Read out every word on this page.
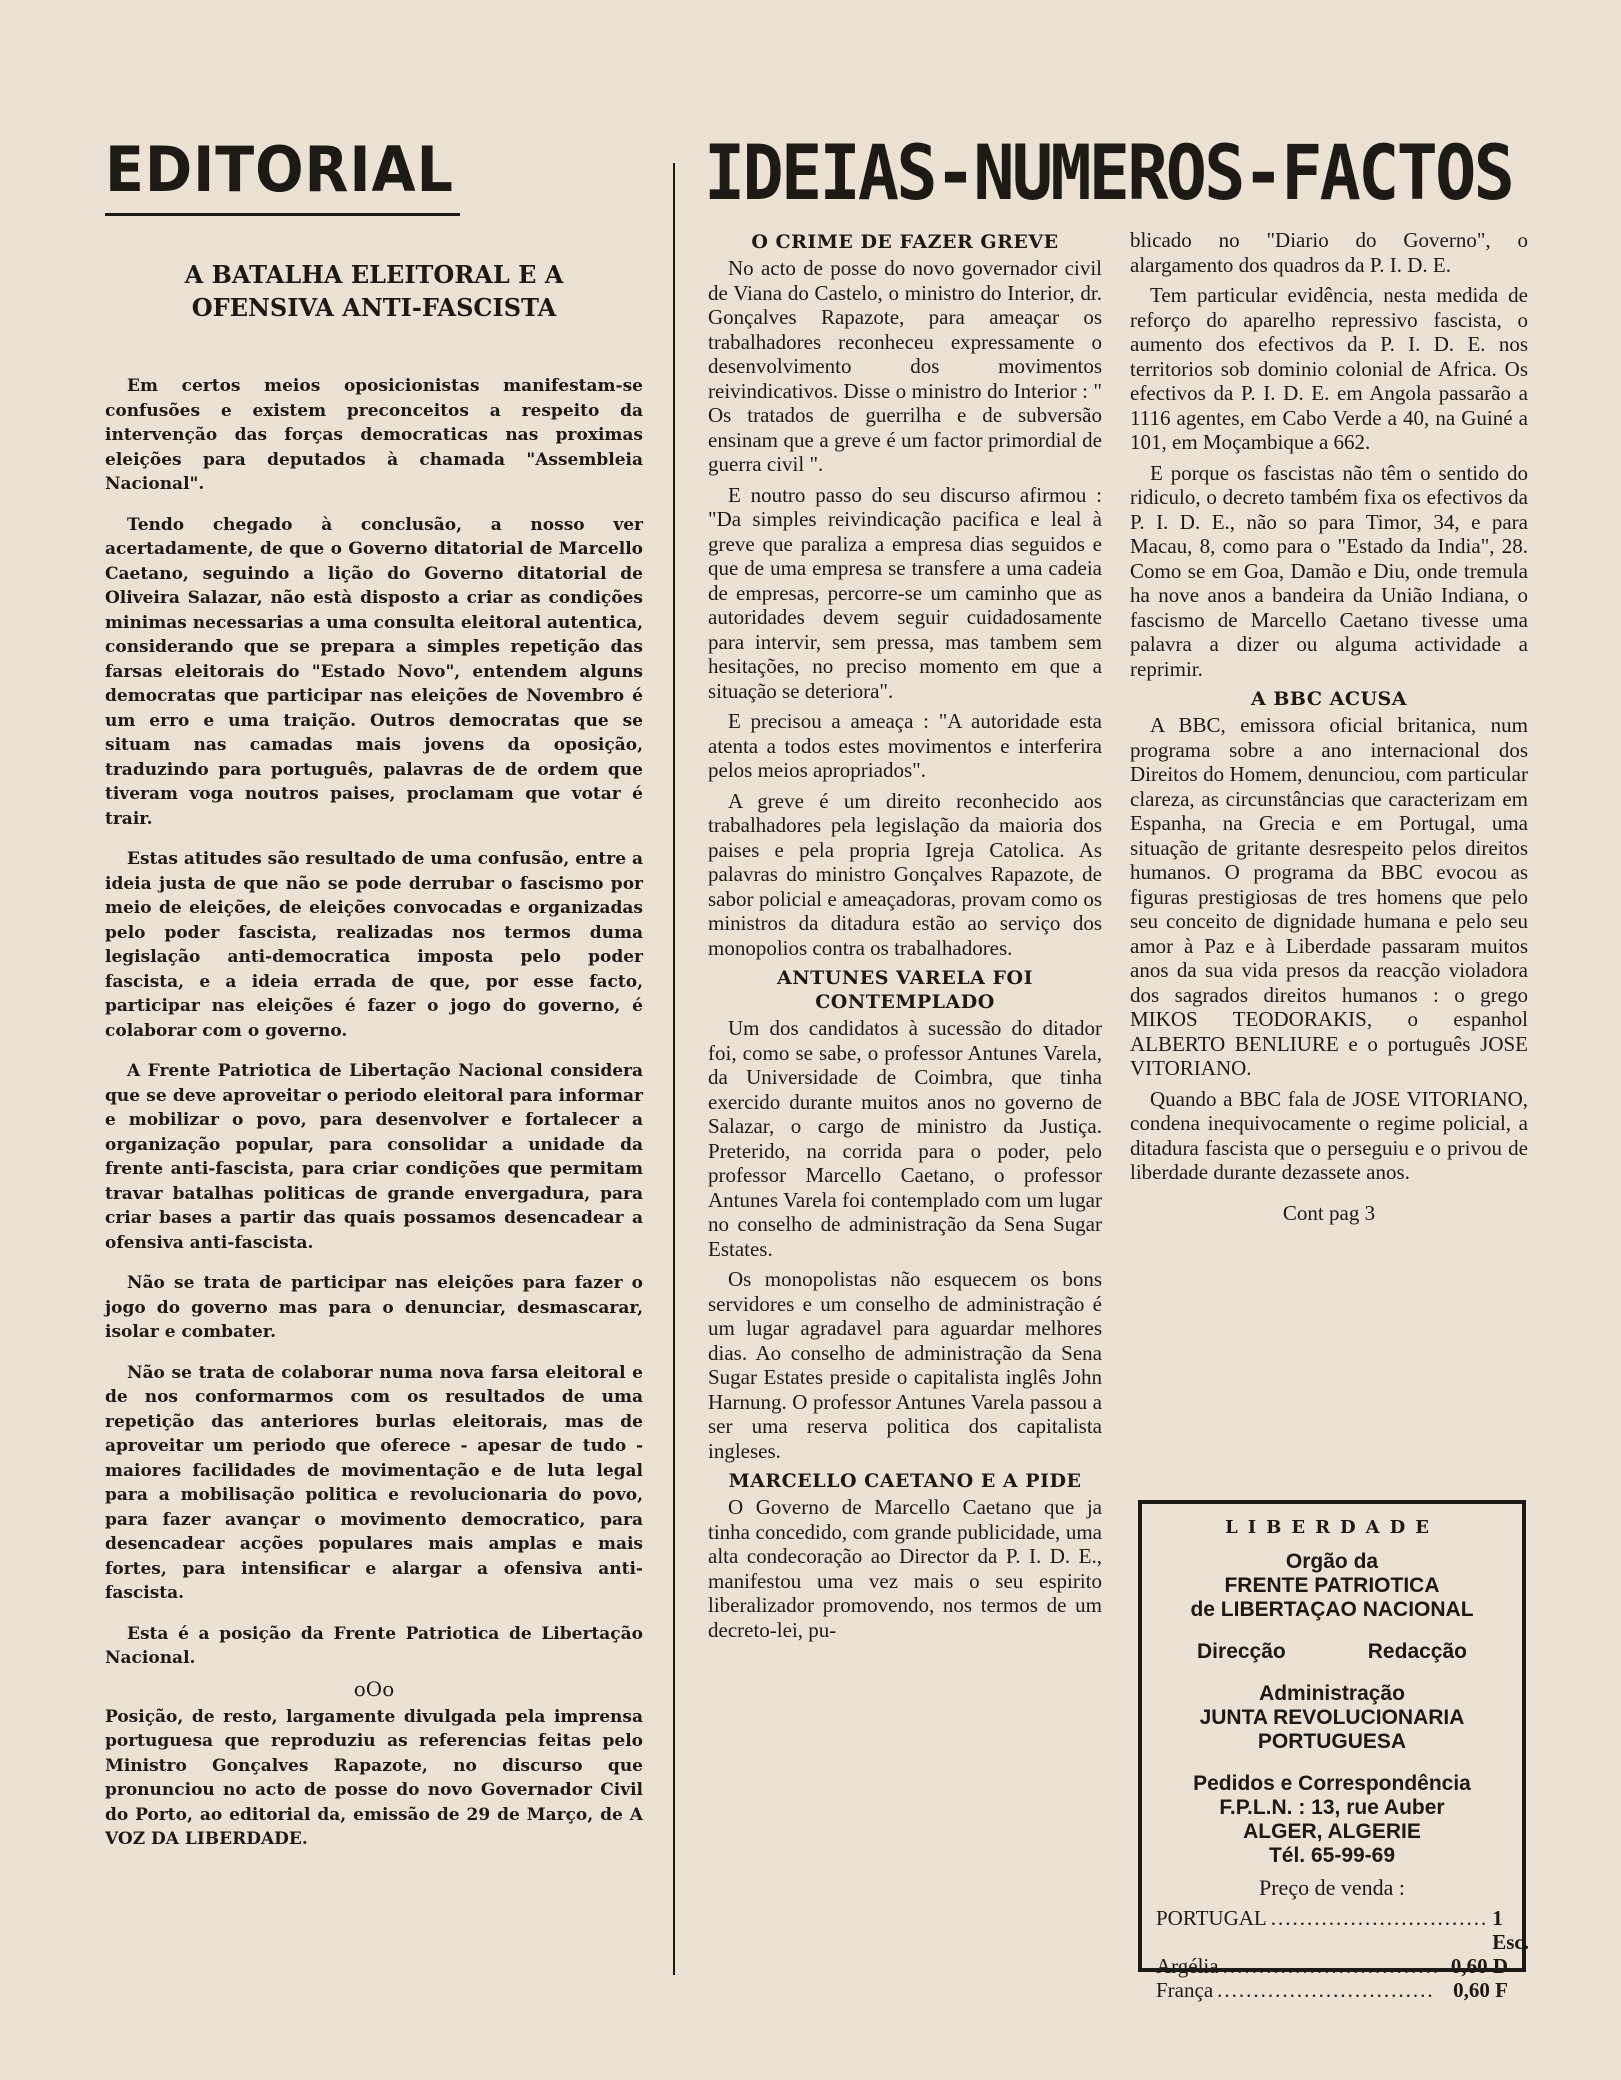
EDITORIAL
A BATALHA ELEITORAL E A OFENSIVA ANTI-FASCISTA

Em certos meios oposicionistas manifestam-se confusões e existem preconceitos a respeito da intervenção das forças democraticas nas proximas eleições para deputados à chamada "Assembleia Nacional".

Tendo chegado à conclusão, a nosso ver acertadamente, de que o Governo ditatorial de Marcello Caetano, seguindo a lição do Governo ditatorial de Oliveira Salazar, não està disposto a criar as condições minimas necessarias a uma consulta eleitoral autentica, considerando que se prepara a simples repetição das farsas eleitorais do "Estado Novo", entendem alguns democratas que participar nas eleições de Novembro é um erro e uma traição. Outros democratas que se situam nas camadas mais jovens da oposição, traduzindo para português, palavras de de ordem que tiveram voga noutros paises, proclamam que votar é trair.

Estas atitudes são resultado de uma confusão, entre a ideia justa de que não se pode derrubar o fascismo por meio de eleições, de eleições convocadas e organizadas pelo poder fascista, realizadas nos termos duma legislação anti-democratica imposta pelo poder fascista, e a ideia errada de que, por esse facto, participar nas eleições é fazer o jogo do governo, é colaborar com o governo.

A Frente Patriotica de Libertação Nacional considera que se deve aproveitar o periodo eleitoral para informar e mobilizar o povo, para desenvolver e fortalecer a organização popular, para consolidar a unidade da frente anti-fascista, para criar condições que permitam travar batalhas politicas de grande envergadura, para criar bases a partir das quais possamos desencadear a ofensiva anti-fascista.

Não se trata de participar nas eleições para fazer o jogo do governo mas para o denunciar, desmascarar, isolar e combater.

Não se trata de colaborar numa nova farsa eleitoral e de nos conformarmos com os resultados de uma repetição das anteriores burlas eleitorais, mas de aproveitar um periodo que oferece - apesar de tudo - maiores facilidades de movimentação e de luta legal para a mobilisação politica e revolucionaria do povo, para fazer avançar o movimento democratico, para desencadear acções populares mais amplas e mais fortes, para intensificar e alargar a ofensiva anti-fascista.

Esta é a posição da Frente Patriotica de Libertação Nacional.

oOo

Posição, de resto, largamente divulgada pela imprensa portuguesa que reproduziu as referencias feitas pelo Ministro Gonçalves Rapazote, no discurso que pronunciou no acto de posse do novo Governador Civil do Porto, ao editorial da, emissão de 29 de Março, de A VOZ DA LIBERDADE.

IDEIAS-NUMEROS-FACTOS
O CRIME DE FAZER GREVE

No acto de posse do novo governador civil de Viana do Castelo, o ministro do Interior, dr. Gonçalves Rapazote, para ameaçar os trabalhadores reconheceu expressamente o desenvolvimento dos movimentos reivindicativos. Disse o ministro do Interior : " Os tratados de guerrilha e de subversão ensinam que a greve é um factor primordial de guerra civil ".

E noutro passo do seu discurso afirmou : "Da simples reivindicação pacifica e leal à greve que paraliza a empresa dias seguidos e que de uma empresa se transfere a uma cadeia de empresas, percorre-se um caminho que as autoridades devem seguir cuidadosamente para intervir, sem pressa, mas tambem sem hesitações, no preciso momento em que a situação se deteriora".

E precisou a ameaça : "A autoridade esta atenta a todos estes movimentos e interferira pelos meios apropriados".

A greve é um direito reconhecido aos trabalhadores pela legislação da maioria dos paises e pela propria Igreja Catolica. As palavras do ministro Gonçalves Rapazote, de sabor policial e ameaçadoras, provam como os ministros da ditadura estão ao serviço dos monopolios contra os trabalhadores.

ANTUNES VARELA FOI CONTEMPLADO

Um dos candidatos à sucessão do ditador foi, como se sabe, o professor Antunes Varela, da Universidade de Coimbra, que tinha exercido durante muitos anos no governo de Salazar, o cargo de ministro da Justiça. Preterido, na corrida para o poder, pelo professor Marcello Caetano, o professor Antunes Varela foi contemplado com um lugar no conselho de administração da Sena Sugar Estates.

Os monopolistas não esquecem os bons servidores e um conselho de administração é um lugar agradavel para aguardar melhores dias. Ao conselho de administração da Sena Sugar Estates preside o capitalista inglês John Harnung. O professor Antunes Varela passou a ser uma reserva politica dos capitalista ingleses.

MARCELLO CAETANO E A PIDE

O Governo de Marcello Caetano que ja tinha concedido, com grande publicidade, uma alta condecoração ao Director da P. I. D. E., manifestou uma vez mais o seu espirito liberalizador promovendo, nos termos de um decreto-lei, pu-

blicado no "Diario do Governo", o alargamento dos quadros da P. I. D. E.

Tem particular evidência, nesta medida de reforço do aparelho repressivo fascista, o aumento dos efectivos da P. I. D. E. nos territorios sob dominio colonial de Africa. Os efectivos da P. I. D. E. em Angola passarão a 1116 agentes, em Cabo Verde a 40, na Guiné a 101, em Moçambique a 662.

E porque os fascistas não têm o sentido do ridiculo, o decreto também fixa os efectivos da P. I. D. E., não so para Timor, 34, e para Macau, 8, como para o "Estado da India", 28. Como se em Goa, Damão e Diu, onde tremula ha nove anos a bandeira da União Indiana, o fascismo de Marcello Caetano tivesse uma palavra a dizer ou alguma actividade a reprimir.

A BBC ACUSA

A BBC, emissora oficial britanica, num programa sobre a ano internacional dos Direitos do Homem, denunciou, com particular clareza, as circunstâncias que caracterizam em Espanha, na Grecia e em Portugal, uma situação de gritante desrespeito pelos direitos humanos. O programa da BBC evocou as figuras prestigiosas de tres homens que pelo seu conceito de dignidade humana e pelo seu amor à Paz e à Liberdade passaram muitos anos da sua vida presos da reacção violadora dos sagrados direitos humanos : o grego MIKOS TEODORAKIS, o espanhol ALBERTO BENLIURE e o português JOSE VITORIANO.

Quando a BBC fala de JOSE VITORIANO, condena inequivocamente o regime policial, a ditadura fascista que o perseguiu e o privou de liberdade durante dezassete anos.

Cont pag 3

LIBERDADE
Orgão da
FRENTE PATRIOTICA
de LIBERTAÇAO NACIONAL
Direcção	Redacção
Administração
JUNTA REVOLUCIONARIA
PORTUGUESA
Pedidos e Correspondência
F.P.L.N. : 13, rue Auber
ALGER, ALGERIE
Tél. 65-99-69
Preço de venda :
PORTUGAL .............................. 1 Esc.
Argélia .............................. 0,60 D
França .............................. 0,60 F
